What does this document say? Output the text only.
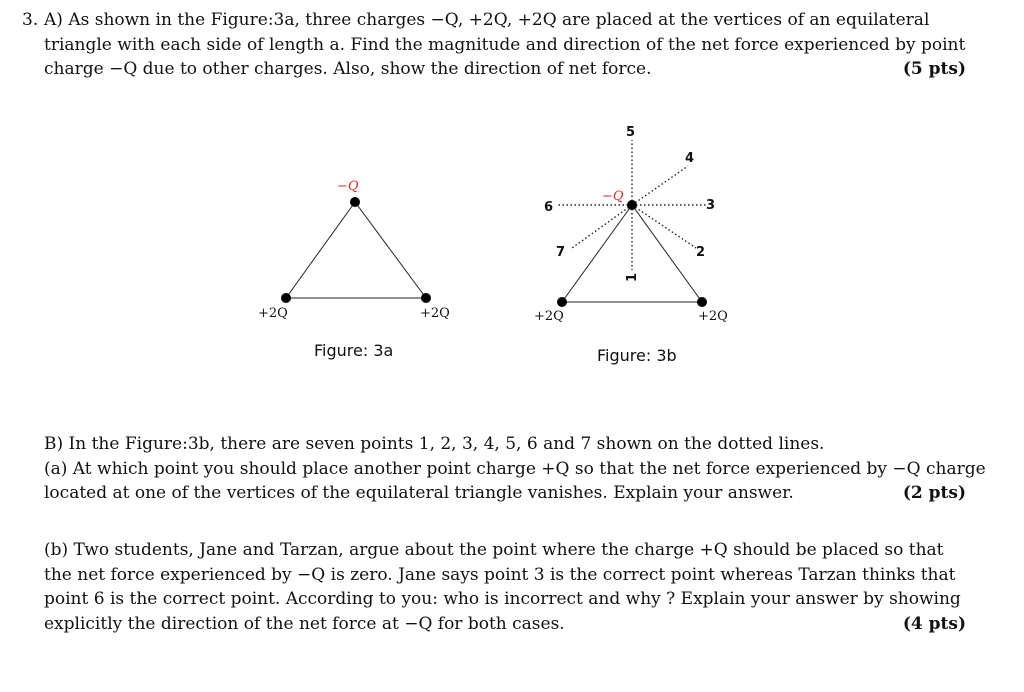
3. A) As shown in the Figure:3a, three charges −Q, +2Q, +2Q are placed at the vertices of an equilateral
triangle with each side of length a. Find the magnitude and direction of the net force experienced by point
charge −Q due to other charges. Also, show the direction of net force.	(5 pts)
−Q
+2Q	+2Q
Figure: 3a
−Q
+2Q	+2Q
1
2
3
4
5
6
7
Figure: 3b
B) In the Figure:3b, there are seven points 1, 2, 3, 4, 5, 6 and 7 shown on the dotted lines.
(a) At which point you should place another point charge +Q so that the net force experienced by −Q charge
located at one of the vertices of the equilateral triangle vanishes. Explain your answer.	(2 pts)
(b) Two students, Jane and Tarzan, argue about the point where the charge +Q should be placed so that
the net force experienced by −Q is zero. Jane says point 3 is the correct point whereas Tarzan thinks that
point 6 is the correct point. According to you: who is incorrect and why ? Explain your answer by showing
explicitly the direction of the net force at −Q for both cases.	(4 pts)
